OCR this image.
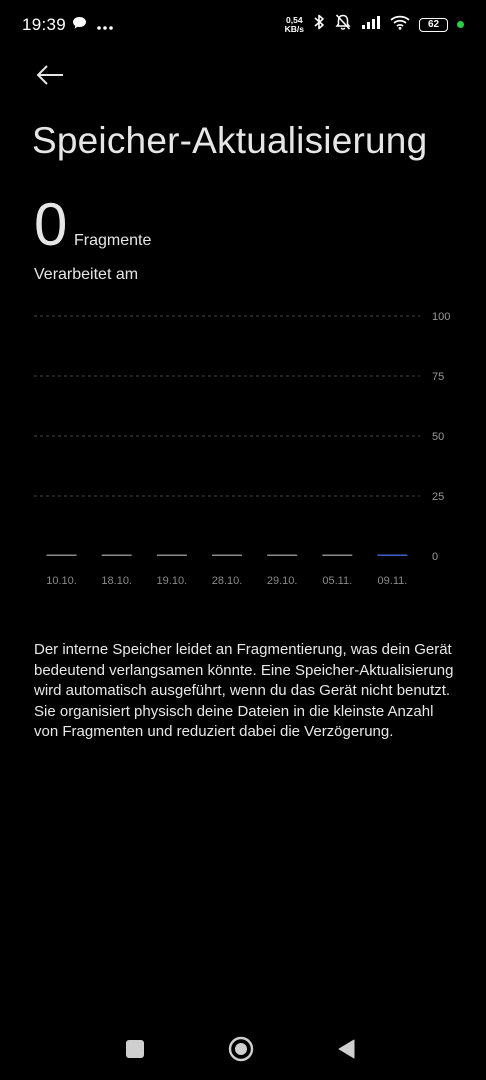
19:39	0,54
KB/s	62
Speicher-Aktualisierung
0 Fragmente
Verarbeitet am
100
75
50
25
0
10.10. 18.10. 19.10. 28.10. 29.10. 05.11. 09.11.

Der interne Speicher leidet an Fragmentierung, was dein Gerät bedeutend verlangsamen könnte. Eine Speicher-Aktualisierung wird automatisch ausgeführt, wenn du das Gerät nicht benutzt. Sie organisiert physisch deine Dateien in die kleinste Anzahl von Fragmenten und reduziert dabei die Verzögerung.
